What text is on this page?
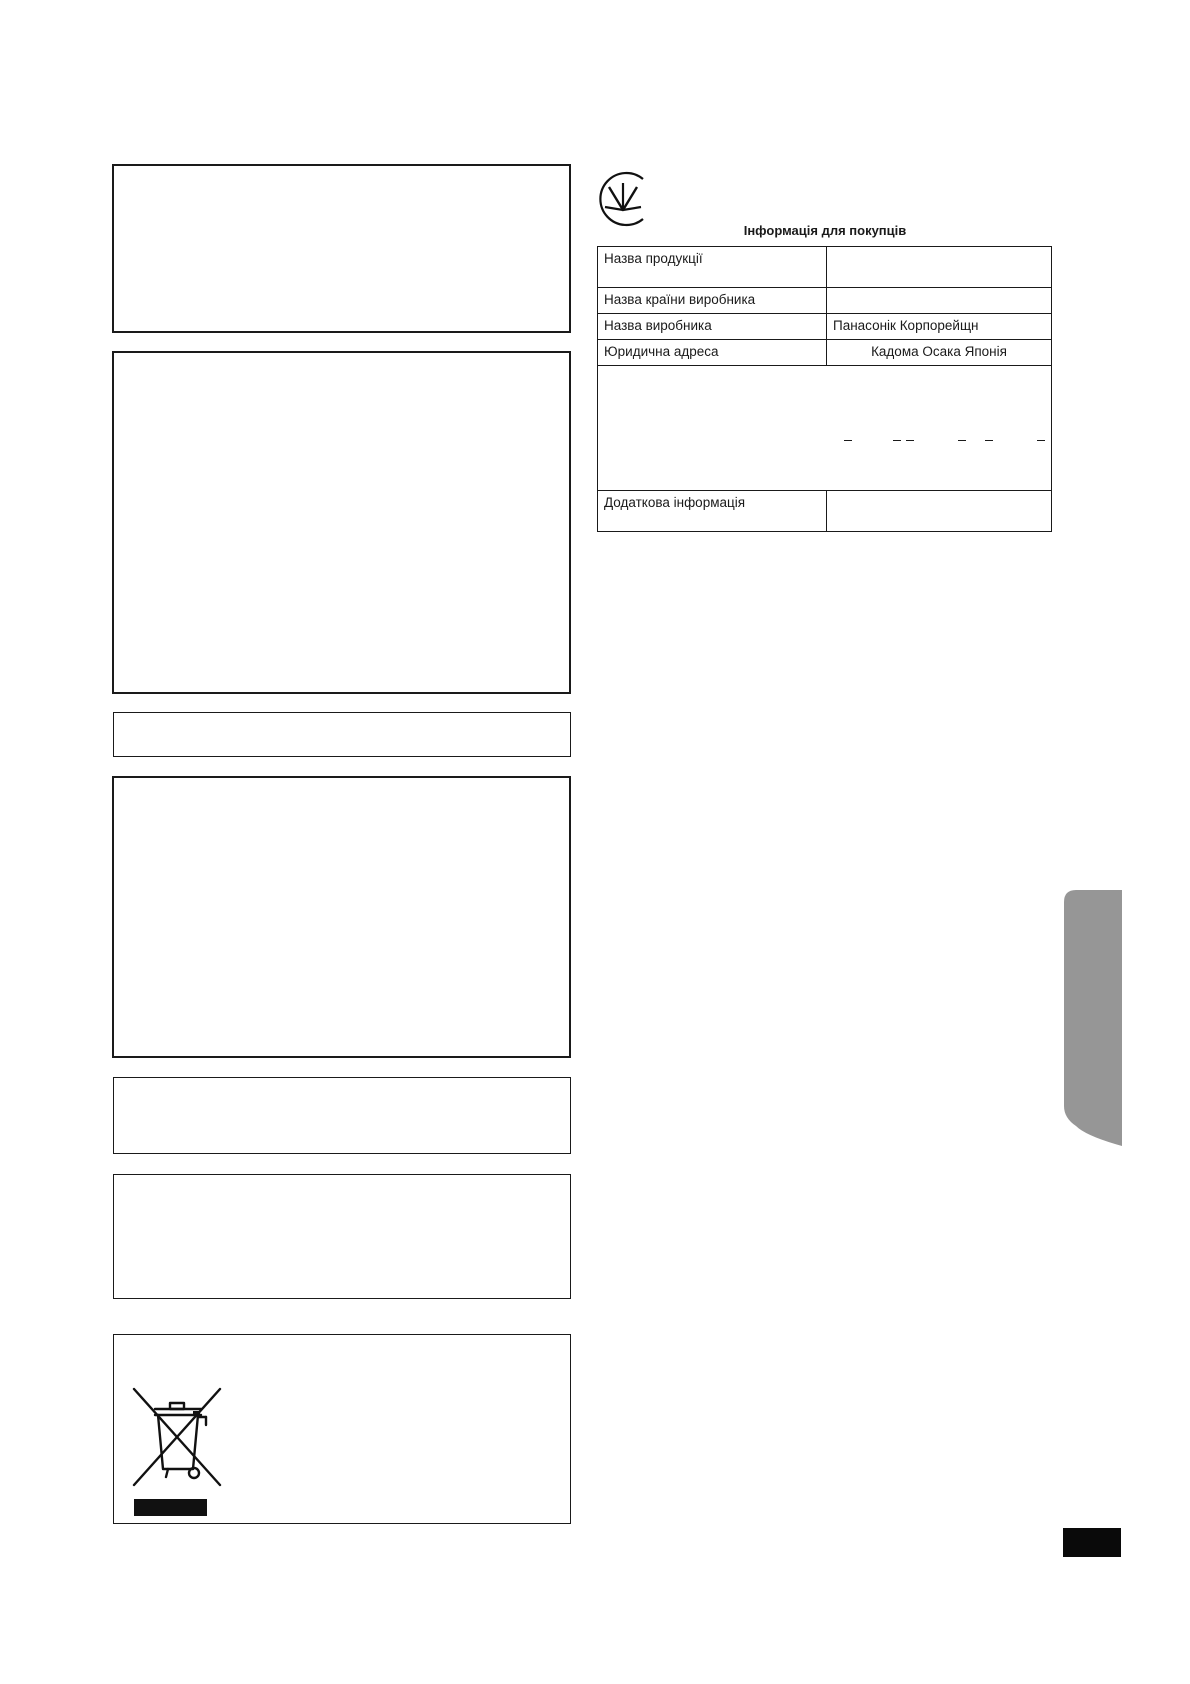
Інформація для покупців
Назва продукції	
Назва країни виробника	
Назва виробника	Панасонік Корпорейщн
Юридична адреса	Кадома Осака Японія

Додаткова інформація	
